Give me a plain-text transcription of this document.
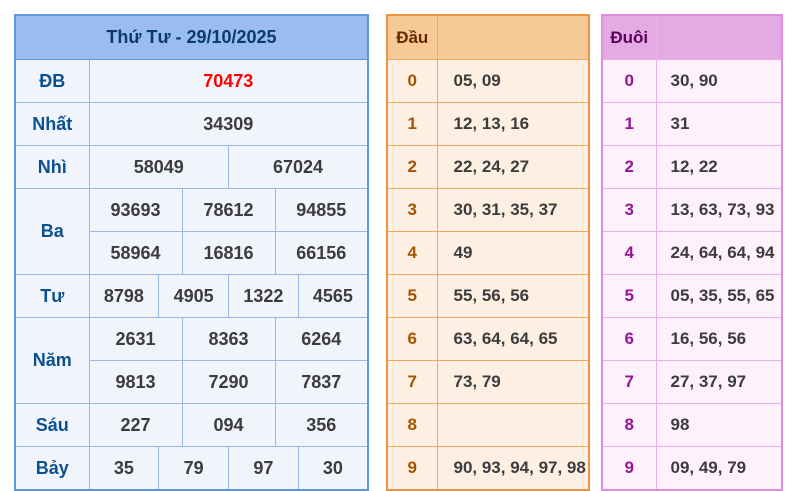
Thứ Tư - 29/10/2025						
ĐB	70473					
Nhất	34309					
Nhì	58049			67024		
Ba	93693		78612		94855	
	58964		16816		66156	
Tư	8798	4905		1322		4565
Năm	2631		8363		6264	
	9813		7290		7837	
Sáu	227		094		356	
Bảy	35	79		97		30
Đầu	
0	05, 09
1	12, 13, 16
2	22, 24, 27
3	30, 31, 35, 37
4	49
5	55, 56, 56
6	63, 64, 64, 65
7	73, 79
8	
9	90, 93, 94, 97, 98
Đuôi	
0	30, 90
1	31
2	12, 22
3	13, 63, 73, 93
4	24, 64, 64, 94
5	05, 35, 55, 65
6	16, 56, 56
7	27, 37, 97
8	98
9	09, 49, 79
